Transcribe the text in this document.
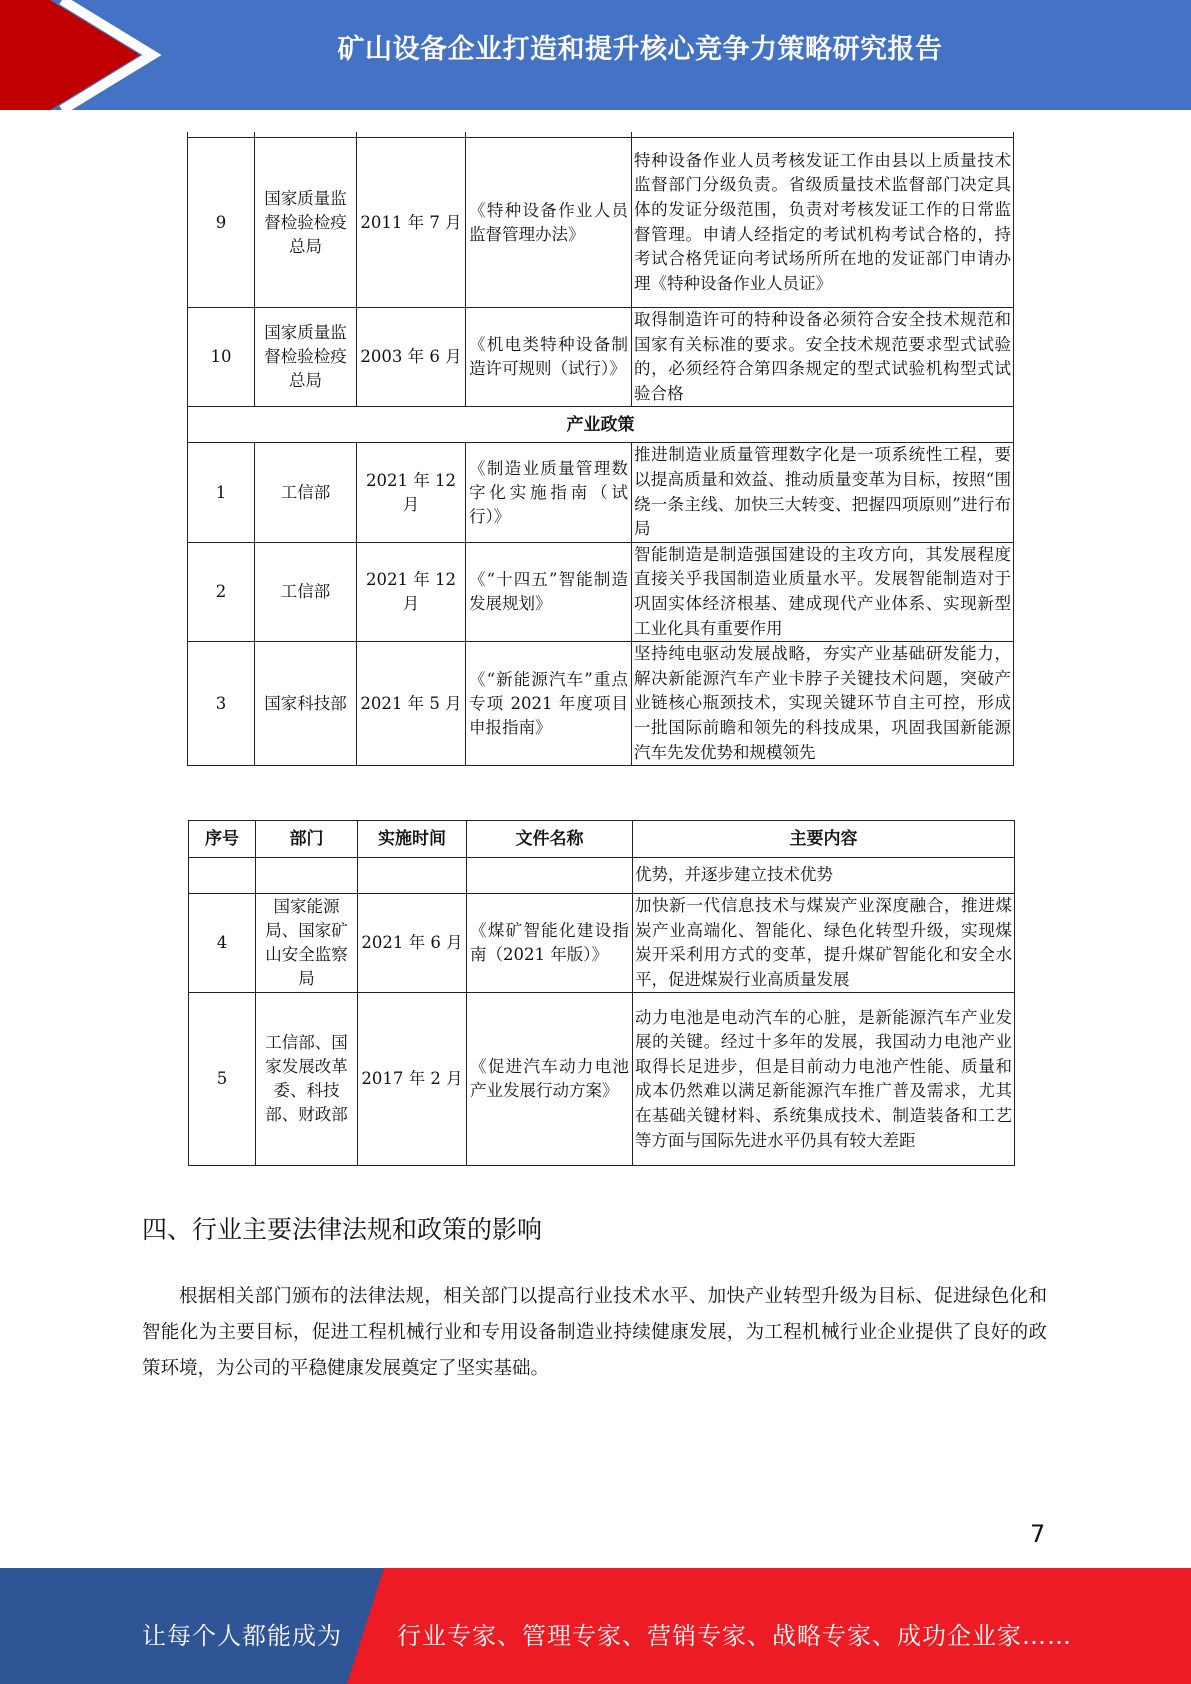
矿山设备企业打造和提升核心竞争力策略研究报告

9	国家质量监督检验检疫总局	2011 年 7 月	《特种设备作业人员监督管理办法》	特种设备作业人员考核发证工作由县以上质量技术监督部门分级负责。省级质量技术监督部门决定具体的发证分级范围，负责对考核发证工作的日常监督管理。申请人经指定的考试机构考试合格的，持考试合格凭证向考试场所所在地的发证部门申请办理《特种设备作业人员证》
10	国家质量监督检验检疫总局	2003 年 6 月	《机电类特种设备制造许可规则（试行）》	取得制造许可的特种设备必须符合安全技术规范和国家有关标准的要求。安全技术规范要求型式试验的，必须经符合第四条规定的型式试验机构型式试验合格
产业政策				
1	工信部	2021 年 12 月	《制造业质量管理数字化实施指南（试行）》	推进制造业质量管理数字化是一项系统性工程，要以提高质量和效益、推动质量变革为目标，按照“围绕一条主线、加快三大转变、把握四项原则”进行布局
2	工信部	2021 年 12 月	《“十四五”智能制造发展规划》	智能制造是制造强国建设的主攻方向，其发展程度直接关乎我国制造业质量水平。发展智能制造对于巩固实体经济根基、建成现代产业体系、实现新型工业化具有重要作用
3	国家科技部	2021 年 5 月	《“新能源汽车”重点专项 2021 年度项目申报指南》	坚持纯电驱动发展战略，夯实产业基础研发能力，解决新能源汽车产业卡脖子关键技术问题，突破产业链核心瓶颈技术，实现关键环节自主可控，形成一批国际前瞻和领先的科技成果，巩固我国新能源汽车先发优势和规模领先
序号	部门	实施时间	文件名称	主要内容
				优势，并逐步建立技术优势
4	国家能源局、国家矿山安全监察局	2021 年 6 月	《煤矿智能化建设指南（2021 年版）》	加快新一代信息技术与煤炭产业深度融合，推进煤炭产业高端化、智能化、绿色化转型升级，实现煤炭开采利用方式的变革，提升煤矿智能化和安全水平，促进煤炭行业高质量发展
5	工信部、国家发展改革委、科技部、财政部	2017 年 2 月	《促进汽车动力电池产业发展行动方案》	动力电池是电动汽车的心脏，是新能源汽车产业发展的关键。经过十多年的发展，我国动力电池产业取得长足进步，但是目前动力电池产性能、质量和成本仍然难以满足新能源汽车推广普及需求，尤其在基础关键材料、系统集成技术、制造装备和工艺等方面与国际先进水平仍具有较大差距
四、行业主要法律法规和政策的影响
根据相关部门颁布的法律法规，相关部门以提高行业技术水平、加快产业转型升级为目标、促进绿色化和智能化为主要目标，促进工程机械行业和专用设备制造业持续健康发展，为工程机械行业企业提供了良好的政策环境，为公司的平稳健康发展奠定了坚实基础。
7
让每个人都能成为 行业专家、管理专家、营销专家、战略专家、成功企业家……
